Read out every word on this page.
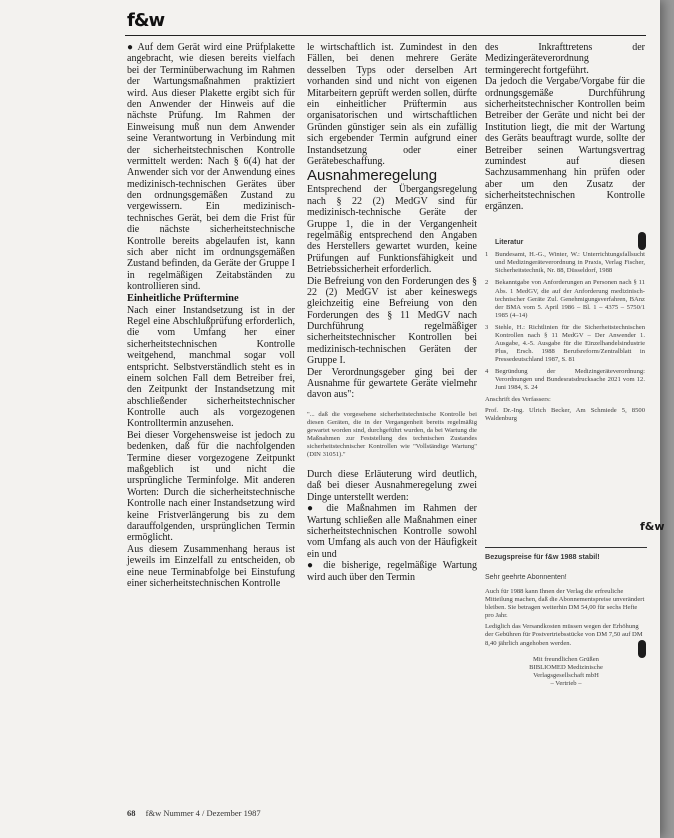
f&w

● Auf dem Gerät wird eine Prüfplakette angebracht, wie diesen bereits vielfach bei der Terminüberwachung im Rahmen der Wartungsmaßnahmen praktiziert wird. Aus dieser Plakette ergibt sich für den Anwender der Hinweis auf die nächste Prüfung. Im Rahmen der Einweisung muß nun dem Anwender seine Verantwortung in Verbindung mit der sicherheitstechnischen Kontrolle vermittelt werden: Nach § 6(4) hat der Anwender sich vor der Anwendung eines medizinisch-technischen Gerätes über den ordnungsgemäßen Zustand zu vergewissern. Ein medizinisch-technisches Gerät, bei dem die Frist für die nächste sicherheitstechnische Kontrolle bereits abgelaufen ist, kann sich aber nicht im ordnungsgemäßen Zustand befinden, da Geräte der Gruppe I in regelmäßigen Zeitabständen zu kontrollieren sind.

Einheitliche Prüftermine

Nach einer Instandsetzung ist in der Regel eine Abschlußprüfung erforderlich, die vom Umfang her einer sicherheitstechnischen Kontrolle weitgehend, manchmal sogar voll entspricht. Selbstverständlich steht es in einem solchen Fall dem Betreiber frei, den Zeitpunkt der Instandsetzung mit abschließender sicherheitstechnischer Kontrolle auch als vorgezogenen Kontrolltermin anzusehen.

Bei dieser Vorgehensweise ist jedoch zu bedenken, daß für die nachfolgenden Termine dieser vorgezogene Zeitpunkt maßgeblich ist und nicht die ursprüngliche Terminfolge. Mit anderen Worten: Durch die sicherheitstechnische Kontrolle nach einer Instandsetzung wird keine Fristverlängerung bis zu dem darauffolgenden, ursprünglichen Termin ermöglicht.

Aus diesem Zusammenhang heraus ist jeweils im Einzelfall zu entscheiden, ob eine neue Terminabfolge bei Einstufung einer sicherheitstechnischen Kontrolle

le wirtschaftlich ist. Zumindest in den Fällen, bei denen mehrere Geräte desselben Typs oder derselben Art vorhanden sind und nicht von eigenen Mitarbeitern geprüft werden sollen, dürfte ein einheitlicher Prüftermin aus organisatorischen und wirtschaftlichen Gründen günstiger sein als ein zufällig sich ergebender Termin aufgrund einer Instandsetzung oder einer Gerätebeschaffung.

Ausnahmeregelung

Entsprechend der Übergangsregelung nach § 22 (2) MedGV sind für medizinisch-technische Geräte der Gruppe 1, die in der Vergangenheit regelmäßig entsprechend den Angaben des Herstellers gewartet wurden, keine Prüfungen auf Funktionsfähigkeit und Betriebssicherheit erforderlich.

Die Befreiung von den Forderungen des § 22 (2) MedGV ist aber keineswegs gleichzeitig eine Befreiung von den Forderungen des § 11 MedGV nach Durchführung regelmäßiger sicherheitstechnischer Kontrollen bei medizinisch-technischen Geräten der Gruppe I.

Der Verordnungsgeber ging bei der Ausnahme für gewartete Geräte vielmehr davon aus":

"... daß die vorgesehene sicherheitstechnische Kontrolle bei diesen Geräten, die in der Vergangenheit bereits regelmäßig gewartet worden sind, durchgeführt wurden, da bei Wartung die Maßnahmen zur Feststellung des technischen Zustandes sicherheitstechnischer Kontrollen wie "Vollständige Wartung" (DIN 31051)."

Durch diese Erläuterung wird deutlich, daß bei dieser Ausnahmeregelung zwei Dinge unterstellt werden:

● die Maßnahmen im Rahmen der Wartung schließen alle Maßnahmen einer sicherheitstechnischen Kontrolle sowohl vom Umfang als auch von der Häufigkeit ein und

● die bisherige, regelmäßige Wartung wird auch über den Termin

des Inkrafttretens der Medizingeräteverordnung termingerecht fortgeführt.

Da jedoch die Vergabe/Vorgabe für die ordnungsgemäße Durchführung sicherheitstechnischer Kontrollen beim Betreiber der Geräte und nicht bei der Institution liegt, die mit der Wartung des Geräts beauftragt wurde, sollte der Betreiber seinen Wartungsvertrag zumindest auf diesen Sachzusammenhang hin prüfen oder aber um den Zusatz der sicherheitstechnischen Kontrolle ergänzen.

Literatur
1 Bundesamt, H.-G., Winter, W.: Unterrichtungsfallsucht und Medizingeräteverordnung in Praxis, Verlag Fischer, Sicherheitstechnik, Nr. 88, Düsseldorf, 1988
2 Bekanntgabe von Anforderungen an Personen nach § 11 Abs. 1 MedGV, die auf der Anforderung medizinisch-technischer Geräte Zul. Genehmigungsverfahren, BAnz der BMA vom 5. April 1986 – Bl. 1 – 4375 – 5750/1 1985 (4–14)
3 Stehle, H.: Richtlinien für die Sicherheitstechnischen Kontrollen nach § 11 MedGV – Der Anwender 1. Ausgabe, 4.-5. Ausgabe für die Einzelhandelsindustrie Plus, Ersch. 1988 Berufsreform/Zentralblatt in Pressedeutschland 1987, S. 81
4 Begründung der Medizingeräteverordnung: Verordnungen und Bundesratsdrucksache 2021 vom 12. Juni 1984, S. 24

Anschrift des Verfassers:

Prof. Dr.-Ing. Ulrich Becker, Am Schmiede 5, 8500 Waldenburg

f&w
Bezugspreise für f&w 1988 stabil!
Sehr geehrte Abonnenten!

Auch für 1988 kann Ihnen der Verlag die erfreuliche Mitteilung machen, daß die Abonnementspreise unverändert bleiben. Sie betragen weiterhin DM 54,00 für sechs Hefte pro Jahr.

Lediglich das Versandkosten müssen wegen der Erhöhung der Gebühren für Postvertriebsstücke von DM 7,50 auf DM 8,40 jährlich angehoben werden.

Mit freundlichen Grüßen
BIBLIOMED Medizinische
Verlagsgesellschaft mbH
– Vertrieb –
68 f&w Nummer 4 / Dezember 1987
